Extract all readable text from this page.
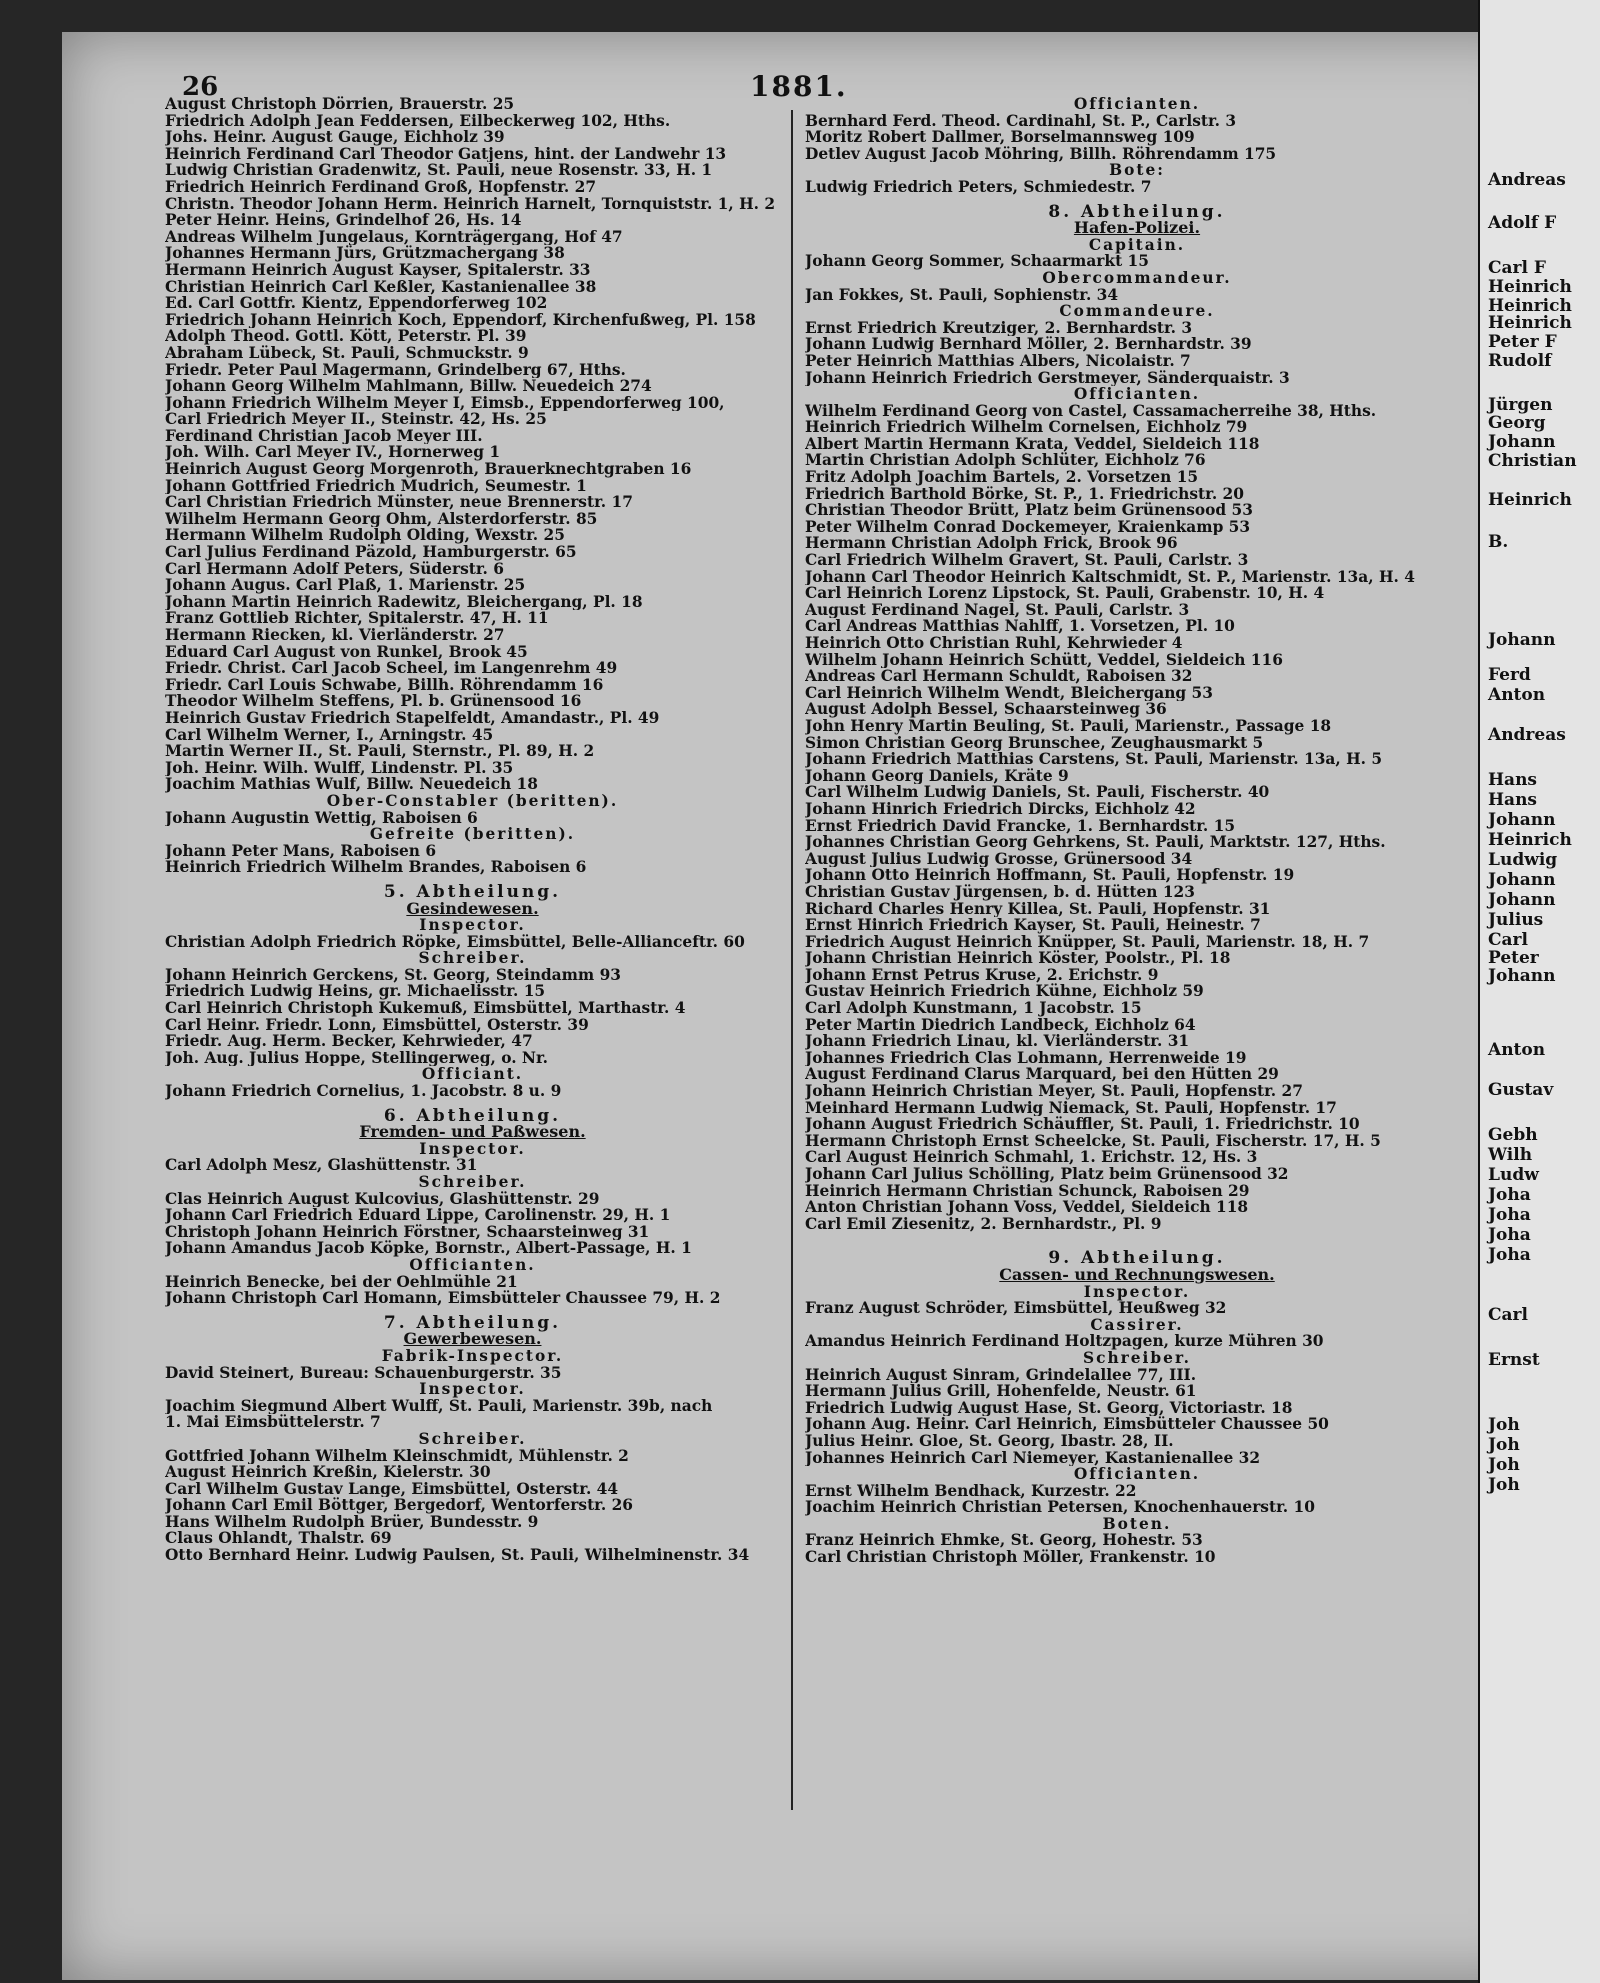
26	1881.
August Christoph Dörrien, Brauerstr. 25
Friedrich Adolph Jean Feddersen, Eilbeckerweg 102, Hths.
Johs. Heinr. August Gauge, Eichholz 39
Heinrich Ferdinand Carl Theodor Gatjens, hint. der Landwehr 13
Ludwig Christian Gradenwitz, St. Pauli, neue Rosenstr. 33, H. 1
Friedrich Heinrich Ferdinand Groß, Hopfenstr. 27
Christn. Theodor Johann Herm. Heinrich Harnelt, Tornquiststr. 1, H. 2
Peter Heinr. Heins, Grindelhof 26, Hs. 14
Andreas Wilhelm Jungelaus, Kornträgergang, Hof 47
Johannes Hermann Jürs, Grützmachergang 38
Hermann Heinrich August Kayser, Spitalerstr. 33
Christian Heinrich Carl Keßler, Kastanienallee 38
Ed. Carl Gottfr. Kientz, Eppendorferweg 102
Friedrich Johann Heinrich Koch, Eppendorf, Kirchenfußweg, Pl. 158
Adolph Theod. Gottl. Kött, Peterstr. Pl. 39
Abraham Lübeck, St. Pauli, Schmuckstr. 9
Friedr. Peter Paul Magermann, Grindelberg 67, Hths.
Johann Georg Wilhelm Mahlmann, Billw. Neuedeich 274
Johann Friedrich Wilhelm Meyer I, Eimsb., Eppendorferweg 100,
Carl Friedrich Meyer II., Steinstr. 42, Hs. 25
Ferdinand Christian Jacob Meyer III.
Joh. Wilh. Carl Meyer IV., Hornerweg 1
Heinrich August Georg Morgenroth, Brauerknechtgraben 16
Johann Gottfried Friedrich Mudrich, Seumestr. 1
Carl Christian Friedrich Münster, neue Brennerstr. 17
Wilhelm Hermann Georg Ohm, Alsterdorferstr. 85
Hermann Wilhelm Rudolph Olding, Wexstr. 25
Carl Julius Ferdinand Päzold, Hamburgerstr. 65
Carl Hermann Adolf Peters, Süderstr. 6
Johann Augus. Carl Plaß, 1. Marienstr. 25
Johann Martin Heinrich Radewitz, Bleichergang, Pl. 18
Franz Gottlieb Richter, Spitalerstr. 47, H. 11
Hermann Riecken, kl. Vierländerstr. 27
Eduard Carl August von Runkel, Brook 45
Friedr. Christ. Carl Jacob Scheel, im Langenrehm 49
Friedr. Carl Louis Schwabe, Billh. Röhrendamm 16
Theodor Wilhelm Steffens, Pl. b. Grünensood 16
Heinrich Gustav Friedrich Stapelfeldt, Amandastr., Pl. 49
Carl Wilhelm Werner, I., Arningstr. 45
Martin Werner II., St. Pauli, Sternstr., Pl. 89, H. 2
Joh. Heinr. Wilh. Wulff, Lindenstr. Pl. 35
Joachim Mathias Wulf, Billw. Neuedeich 18
Ober-Constabler (beritten).
Johann Augustin Wettig, Raboisen 6
Gefreite (beritten).
Johann Peter Mans, Raboisen 6
Heinrich Friedrich Wilhelm Brandes, Raboisen 6
5. Abtheilung.
Gesindewesen.
Inspector.
Christian Adolph Friedrich Röpke, Eimsbüttel, Belle-Allianceftr. 60
Schreiber.
Johann Heinrich Gerckens, St. Georg, Steindamm 93
Friedrich Ludwig Heins, gr. Michaelisstr. 15
Carl Heinrich Christoph Kukemuß, Eimsbüttel, Marthastr. 4
Carl Heinr. Friedr. Lonn, Eimsbüttel, Osterstr. 39
Friedr. Aug. Herm. Becker, Kehrwieder, 47
Joh. Aug. Julius Hoppe, Stellingerweg, o. Nr.
Officiant.
Johann Friedrich Cornelius, 1. Jacobstr. 8 u. 9
6. Abtheilung.
Fremden- und Paßwesen.
Inspector.
Carl Adolph Mesz, Glashüttenstr. 31
Schreiber.
Clas Heinrich August Kulcovius, Glashüttenstr. 29
Johann Carl Friedrich Eduard Lippe, Carolinenstr. 29, H. 1
Christoph Johann Heinrich Förstner, Schaarsteinweg 31
Johann Amandus Jacob Köpke, Bornstr., Albert-Passage, H. 1
Officianten.
Heinrich Benecke, bei der Oehlmühle 21
Johann Christoph Carl Homann, Eimsbütteler Chaussee 79, H. 2
7. Abtheilung.
Gewerbewesen.
Fabrik-Inspector.
David Steinert, Bureau: Schauenburgerstr. 35
Inspector.
Joachim Siegmund Albert Wulff, St. Pauli, Marienstr. 39b, nach
1. Mai Eimsbüttelerstr. 7
Schreiber.
Gottfried Johann Wilhelm Kleinschmidt, Mühlenstr. 2
August Heinrich Kreßin, Kielerstr. 30
Carl Wilhelm Gustav Lange, Eimsbüttel, Osterstr. 44
Johann Carl Emil Böttger, Bergedorf, Wentorferstr. 26
Hans Wilhelm Rudolph Brüer, Bundesstr. 9
Claus Ohlandt, Thalstr. 69
Otto Bernhard Heinr. Ludwig Paulsen, St. Pauli, Wilhelminenstr. 34
Officianten.
Bernhard Ferd. Theod. Cardinahl, St. P., Carlstr. 3
Moritz Robert Dallmer, Borselmannsweg 109
Detlev August Jacob Möhring, Billh. Röhrendamm 175
Bote:
Ludwig Friedrich Peters, Schmiedestr. 7
8. Abtheilung.
Hafen-Polizei.
Capitain.
Johann Georg Sommer, Schaarmarkt 15
Obercommandeur.
Jan Fokkes, St. Pauli, Sophienstr. 34
Commandeure.
Ernst Friedrich Kreutziger, 2. Bernhardstr. 3
Johann Ludwig Bernhard Möller, 2. Bernhardstr. 39
Peter Heinrich Matthias Albers, Nicolaistr. 7
Johann Heinrich Friedrich Gerstmeyer, Sänderquaistr. 3
Officianten.
Wilhelm Ferdinand Georg von Castel, Cassamacherreihe 38, Hths.
Heinrich Friedrich Wilhelm Cornelsen, Eichholz 79
Albert Martin Hermann Krata, Veddel, Sieldeich 118
Martin Christian Adolph Schlüter, Eichholz 76
Fritz Adolph Joachim Bartels, 2. Vorsetzen 15
Friedrich Barthold Börke, St. P., 1. Friedrichstr. 20
Christian Theodor Brütt, Platz beim Grünensood 53
Peter Wilhelm Conrad Dockemeyer, Kraienkamp 53
Hermann Christian Adolph Frick, Brook 96
Carl Friedrich Wilhelm Gravert, St. Pauli, Carlstr. 3
Johann Carl Theodor Heinrich Kaltschmidt, St. P., Marienstr. 13a, H. 4
Carl Heinrich Lorenz Lipstock, St. Pauli, Grabenstr. 10, H. 4
August Ferdinand Nagel, St. Pauli, Carlstr. 3
Carl Andreas Matthias Nahlff, 1. Vorsetzen, Pl. 10
Heinrich Otto Christian Ruhl, Kehrwieder 4
Wilhelm Johann Heinrich Schütt, Veddel, Sieldeich 116
Andreas Carl Hermann Schuldt, Raboisen 32
Carl Heinrich Wilhelm Wendt, Bleichergang 53
August Adolph Bessel, Schaarsteinweg 36
John Henry Martin Beuling, St. Pauli, Marienstr., Passage 18
Simon Christian Georg Brunschee, Zeughausmarkt 5
Johann Friedrich Matthias Carstens, St. Pauli, Marienstr. 13a, H. 5
Johann Georg Daniels, Kräte 9
Carl Wilhelm Ludwig Daniels, St. Pauli, Fischerstr. 40
Johann Hinrich Friedrich Dircks, Eichholz 42
Ernst Friedrich David Francke, 1. Bernhardstr. 15
Johannes Christian Georg Gehrkens, St. Pauli, Marktstr. 127, Hths.
August Julius Ludwig Grosse, Grünersood 34
Johann Otto Heinrich Hoffmann, St. Pauli, Hopfenstr. 19
Christian Gustav Jürgensen, b. d. Hütten 123
Richard Charles Henry Killea, St. Pauli, Hopfenstr. 31
Ernst Hinrich Friedrich Kayser, St. Pauli, Heinestr. 7
Friedrich August Heinrich Knüpper, St. Pauli, Marienstr. 18, H. 7
Johann Christian Heinrich Köster, Poolstr., Pl. 18
Johann Ernst Petrus Kruse, 2. Erichstr. 9
Gustav Heinrich Friedrich Kühne, Eichholz 59
Carl Adolph Kunstmann, 1 Jacobstr. 15
Peter Martin Diedrich Landbeck, Eichholz 64
Johann Friedrich Linau, kl. Vierländerstr. 31
Johannes Friedrich Clas Lohmann, Herrenweide 19
August Ferdinand Clarus Marquard, bei den Hütten 29
Johann Heinrich Christian Meyer, St. Pauli, Hopfenstr. 27
Meinhard Hermann Ludwig Niemack, St. Pauli, Hopfenstr. 17
Johann August Friedrich Schäuffler, St. Pauli, 1. Friedrichstr. 10
Hermann Christoph Ernst Scheelcke, St. Pauli, Fischerstr. 17, H. 5
Carl August Heinrich Schmahl, 1. Erichstr. 12, Hs. 3
Johann Carl Julius Schölling, Platz beim Grünensood 32
Heinrich Hermann Christian Schunck, Raboisen 29
Anton Christian Johann Voss, Veddel, Sieldeich 118
Carl Emil Ziesenitz, 2. Bernhardstr., Pl. 9
9. Abtheilung.
Cassen- und Rechnungswesen.
Inspector.
Franz August Schröder, Eimsbüttel, Heußweg 32
Cassirer.
Amandus Heinrich Ferdinand Holtzpagen, kurze Mühren 30
Schreiber.
Heinrich August Sinram, Grindelallee 77, III.
Hermann Julius Grill, Hohenfelde, Neustr. 61
Friedrich Ludwig August Hase, St. Georg, Victoriastr. 18
Johann Aug. Heinr. Carl Heinrich, Eimsbütteler Chaussee 50
Julius Heinr. Gloe, St. Georg, Ibastr. 28, II.
Johannes Heinrich Carl Niemeyer, Kastanienallee 32
Officianten.
Ernst Wilhelm Bendhack, Kurzestr. 22
Joachim Heinrich Christian Petersen, Knochenhauerstr. 10
Boten.
Franz Heinrich Ehmke, St. Georg, Hohestr. 53
Carl Christian Christoph Möller, Frankenstr. 10
Andreas
Adolf F
Carl F
Heinrich
Heinrich
Heinrich
Peter F
Rudolf
Jürgen
Georg
Johann
Christian
Heinrich
B.
Johann
Ferd
Anton
Andreas
Hans
Hans
Johann
Heinrich
Ludwig
Johann
Johann
Julius
Carl
Peter
Johann
Anton
Gustav
Gebh
Wilh
Ludw
Joha
Joha
Joha
Joha
Carl
Ernst
Joh
Joh
Joh
Joh
